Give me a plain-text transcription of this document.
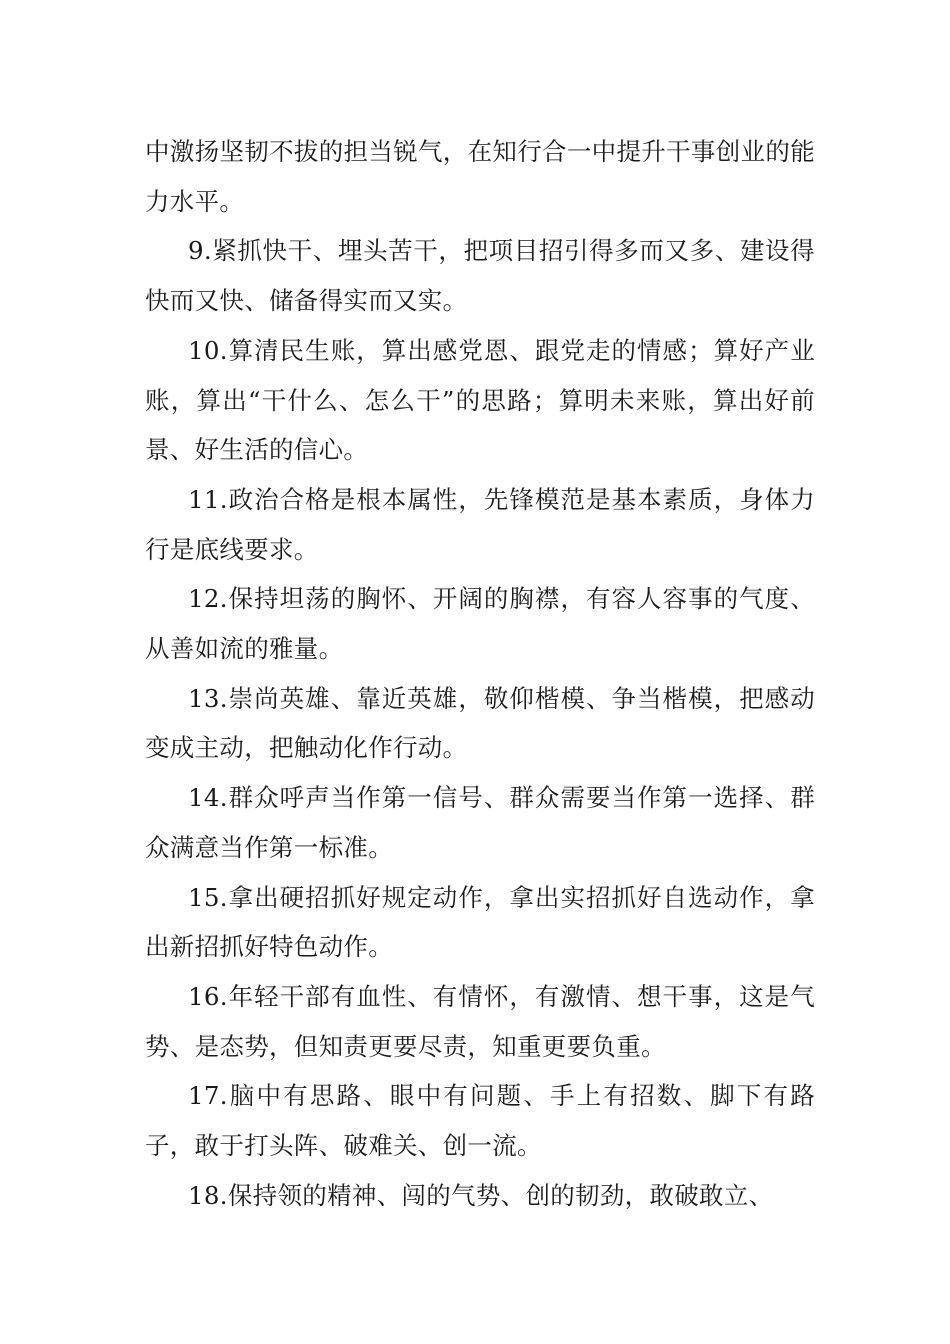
中激扬坚韧不拔的担当锐气，在知行合一中提升干事创业的能力水平。

9.紧抓快干、埋头苦干，把项目招引得多而又多、建设得快而又快、储备得实而又实。

10.算清民生账，算出感党恩、跟党走的情感；算好产业账，算出“干什么、怎么干”的思路；算明未来账，算出好前景、好生活的信心。

11.政治合格是根本属性，先锋模范是基本素质，身体力行是底线要求。

12.保持坦荡的胸怀、开阔的胸襟，有容人容事的气度、从善如流的雅量。

13.崇尚英雄、靠近英雄，敬仰楷模、争当楷模，把感动变成主动，把触动化作行动。

14.群众呼声当作第一信号、群众需要当作第一选择、群众满意当作第一标准。

15.拿出硬招抓好规定动作，拿出实招抓好自选动作，拿出新招抓好特色动作。

16.年轻干部有血性、有情怀，有激情、想干事，这是气势、是态势，但知责更要尽责，知重更要负重。

17.脑中有思路、眼中有问题、手上有招数、脚下有路子，敢于打头阵、破难关、创一流。

18.保持领的精神、闯的气势、创的韧劲，敢破敢立、
